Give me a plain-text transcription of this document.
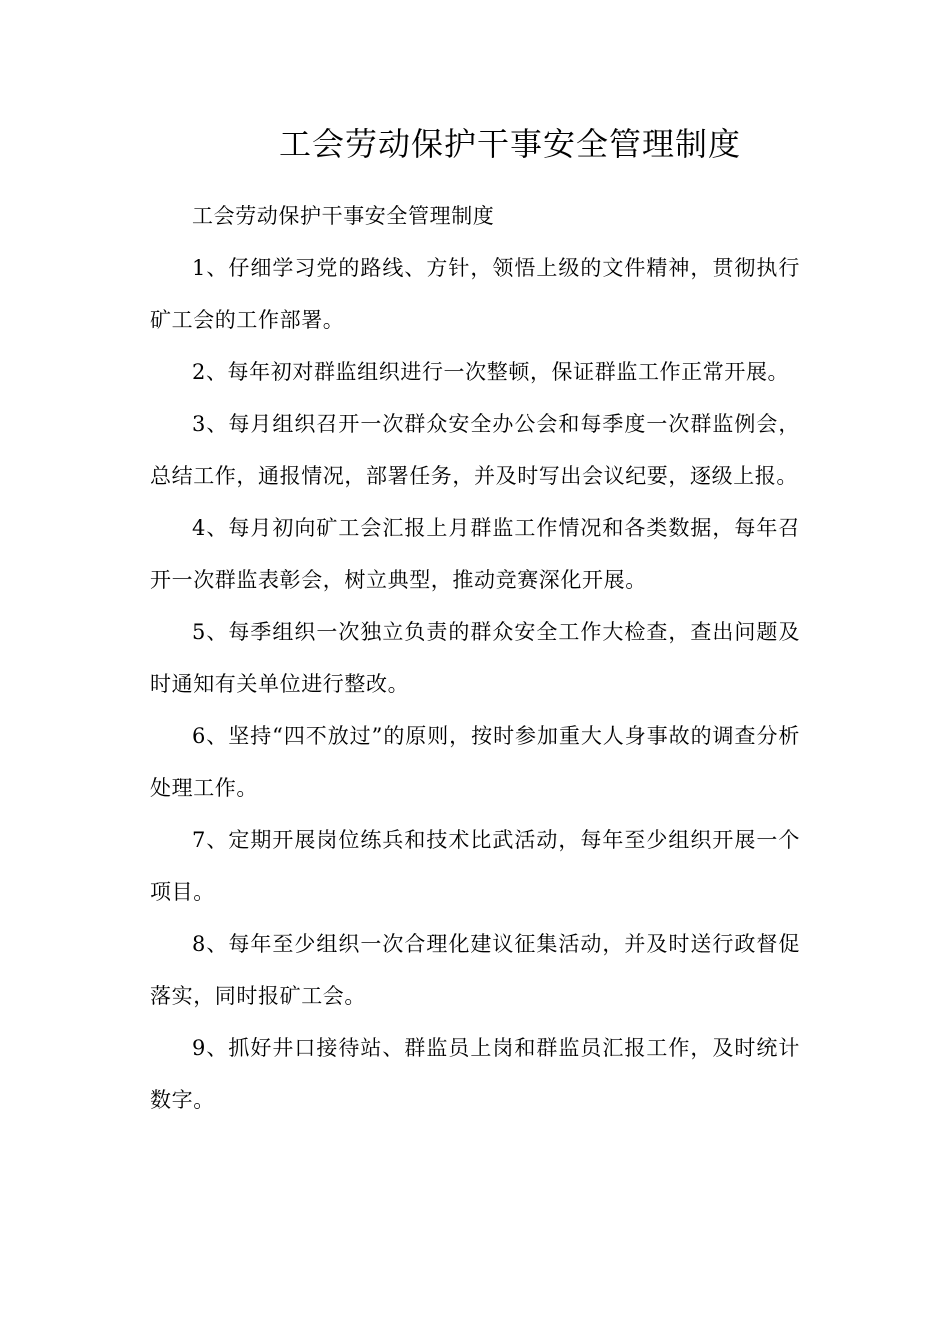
工会劳动保护干事安全管理制度

工会劳动保护干事安全管理制度

1、仔细学习党的路线、方针，领悟上级的文件精神，贯彻执行矿工会的工作部署。

2、每年初对群监组织进行一次整顿，保证群监工作正常开展。

3、每月组织召开一次群众安全办公会和每季度一次群监例会，总结工作，通报情况，部署任务，并及时写出会议纪要，逐级上报。

4、每月初向矿工会汇报上月群监工作情况和各类数据，每年召开一次群监表彰会，树立典型，推动竞赛深化开展。

5、每季组织一次独立负责的群众安全工作大检查，查出问题及时通知有关单位进行整改。

6、坚持“四不放过”的原则，按时参加重大人身事故的调查分析处理工作。

7、定期开展岗位练兵和技术比武活动，每年至少组织开展一个项目。

8、每年至少组织一次合理化建议征集活动，并及时送行政督促落实，同时报矿工会。

9、抓好井口接待站、群监员上岗和群监员汇报工作，及时统计数字。
